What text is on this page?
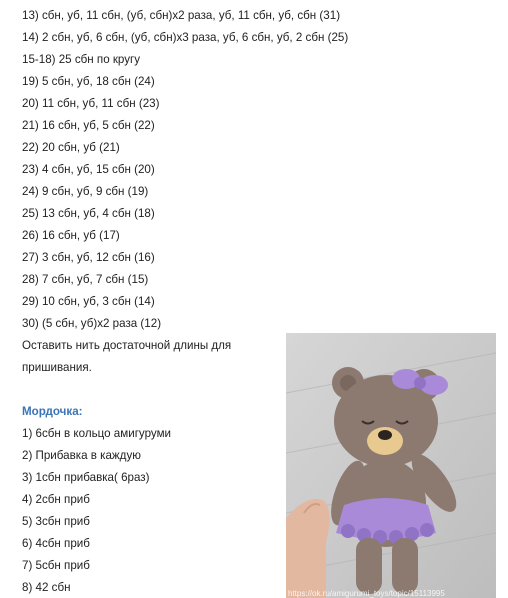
13) сбн, уб, 11 сбн, (уб, сбн)х2 раза, уб, 11 сбн, уб, сбн (31)
14) 2 сбн, уб, 6 сбн, (уб, сбн)х3 раза, уб, 6 сбн, уб, 2 сбн (25)
15-18) 25 сбн по кругу
19) 5 сбн, уб, 18 сбн (24)
20) 11 сбн, уб, 11 сбн (23)
21) 16 сбн, уб, 5 сбн (22)
22) 20 сбн, уб (21)
23) 4 сбн, уб, 15 сбн (20)
24) 9 сбн, уб, 9 сбн (19)
25) 13 сбн, уб, 4 сбн (18)
26) 16 сбн, уб (17)
27) 3 сбн, уб, 12 сбн (16)
28) 7 сбн, уб, 7 сбн (15)
29) 10 сбн, уб, 3 сбн (14)
30) (5 сбн, уб)х2 раза (12)
Оставить нить достаточной длины для
пришивания.
Мордочка:
1) 6сбн в кольцо амигуруми
2) Прибавка в каждую
3) 1сбн прибавка( 6раз)
4) 2сбн приб
5) 3сбн приб
6) 4сбн приб
7) 5сбн приб
8) 42 сбн	https://ok.ru/amigurumi_toys/topic/15113995
